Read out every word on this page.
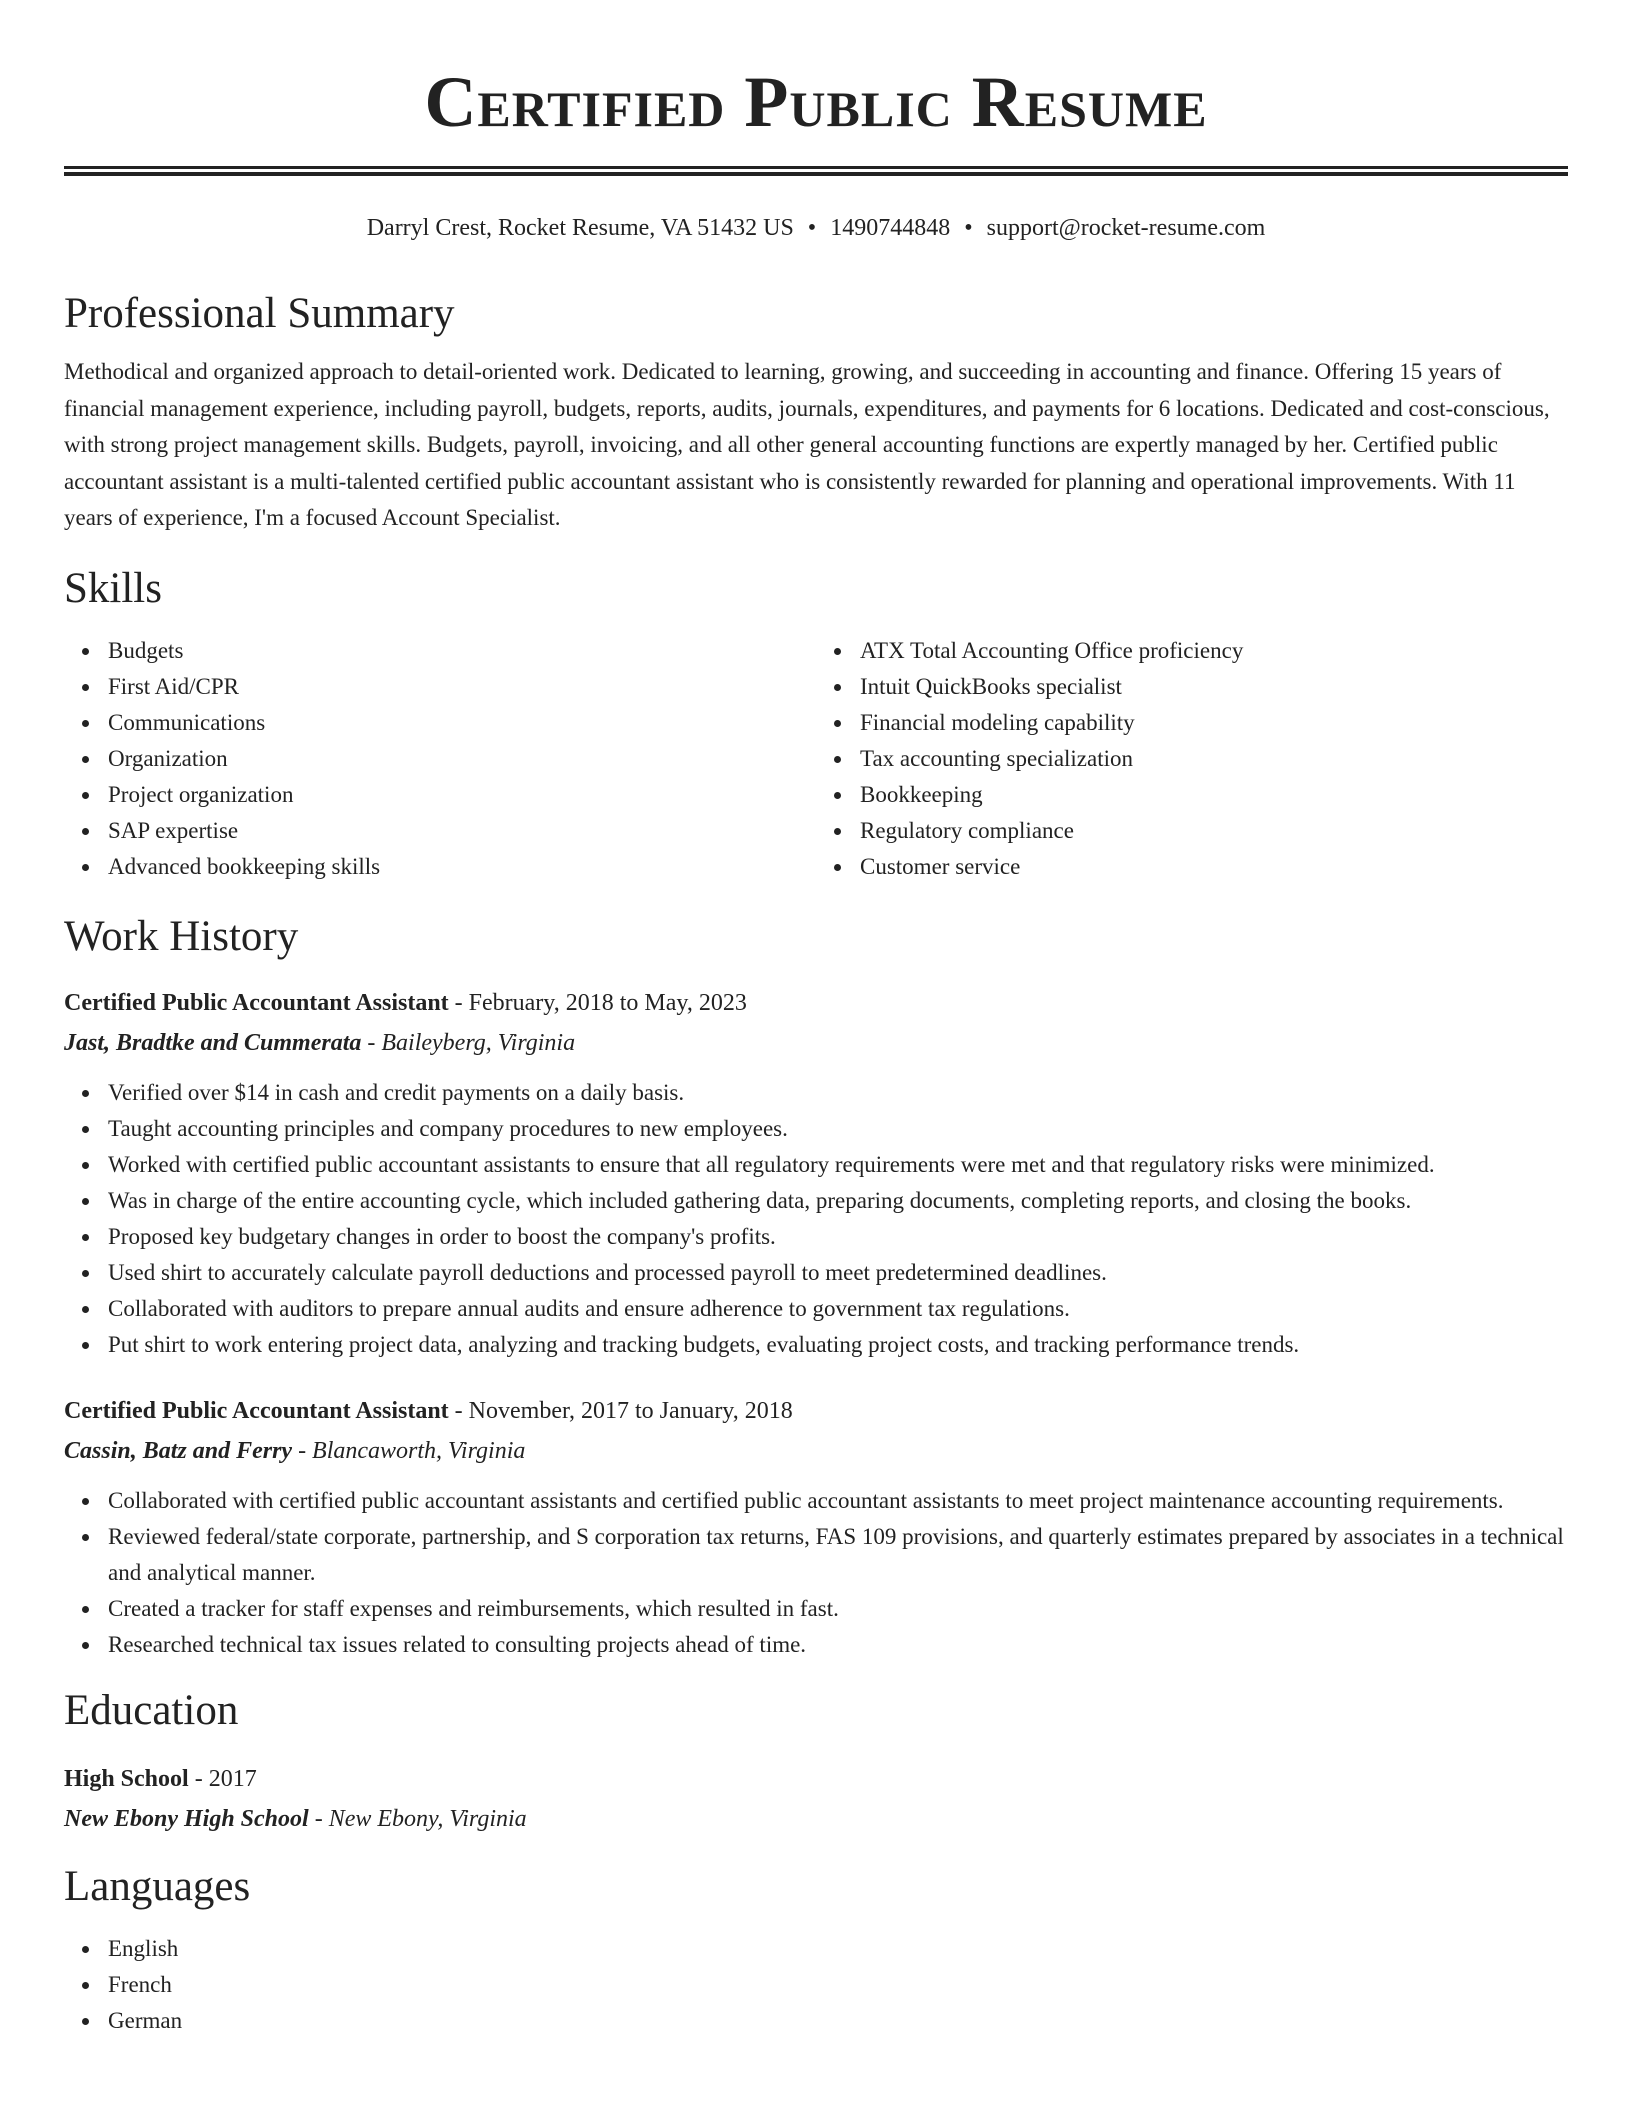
Certified Public Resume
Darryl Crest, Rocket Resume, VA 51432 US • 1490744848 • support@rocket-resume.com
Professional Summary
Methodical and organized approach to detail-oriented work. Dedicated to learning, growing, and succeeding in accounting and finance. Offering 15 years of financial management experience, including payroll, budgets, reports, audits, journals, expenditures, and payments for 6 locations. Dedicated and cost-conscious, with strong project management skills. Budgets, payroll, invoicing, and all other general accounting functions are expertly managed by her. Certified public accountant assistant is a multi-talented certified public accountant assistant who is consistently rewarded for planning and operational improvements. With 11 years of experience, I'm a focused Account Specialist.
Skills
Budgets
First Aid/CPR
Communications
Organization
Project organization
SAP expertise
Advanced bookkeeping skills
ATX Total Accounting Office proficiency
Intuit QuickBooks specialist
Financial modeling capability
Tax accounting specialization
Bookkeeping
Regulatory compliance
Customer service
Work History
Certified Public Accountant Assistant - February, 2018 to May, 2023
Jast, Bradtke and Cummerata - Baileyberg, Virginia
Verified over $14 in cash and credit payments on a daily basis.
Taught accounting principles and company procedures to new employees.
Worked with certified public accountant assistants to ensure that all regulatory requirements were met and that regulatory risks were minimized.
Was in charge of the entire accounting cycle, which included gathering data, preparing documents, completing reports, and closing the books.
Proposed key budgetary changes in order to boost the company's profits.
Used shirt to accurately calculate payroll deductions and processed payroll to meet predetermined deadlines.
Collaborated with auditors to prepare annual audits and ensure adherence to government tax regulations.
Put shirt to work entering project data, analyzing and tracking budgets, evaluating project costs, and tracking performance trends.
Certified Public Accountant Assistant - November, 2017 to January, 2018
Cassin, Batz and Ferry - Blancaworth, Virginia
Collaborated with certified public accountant assistants and certified public accountant assistants to meet project maintenance accounting requirements.
Reviewed federal/state corporate, partnership, and S corporation tax returns, FAS 109 provisions, and quarterly estimates prepared by associates in a technical and analytical manner.
Created a tracker for staff expenses and reimbursements, which resulted in fast.
Researched technical tax issues related to consulting projects ahead of time.
Education
High School - 2017
New Ebony High School - New Ebony, Virginia
Languages
English
French
German
